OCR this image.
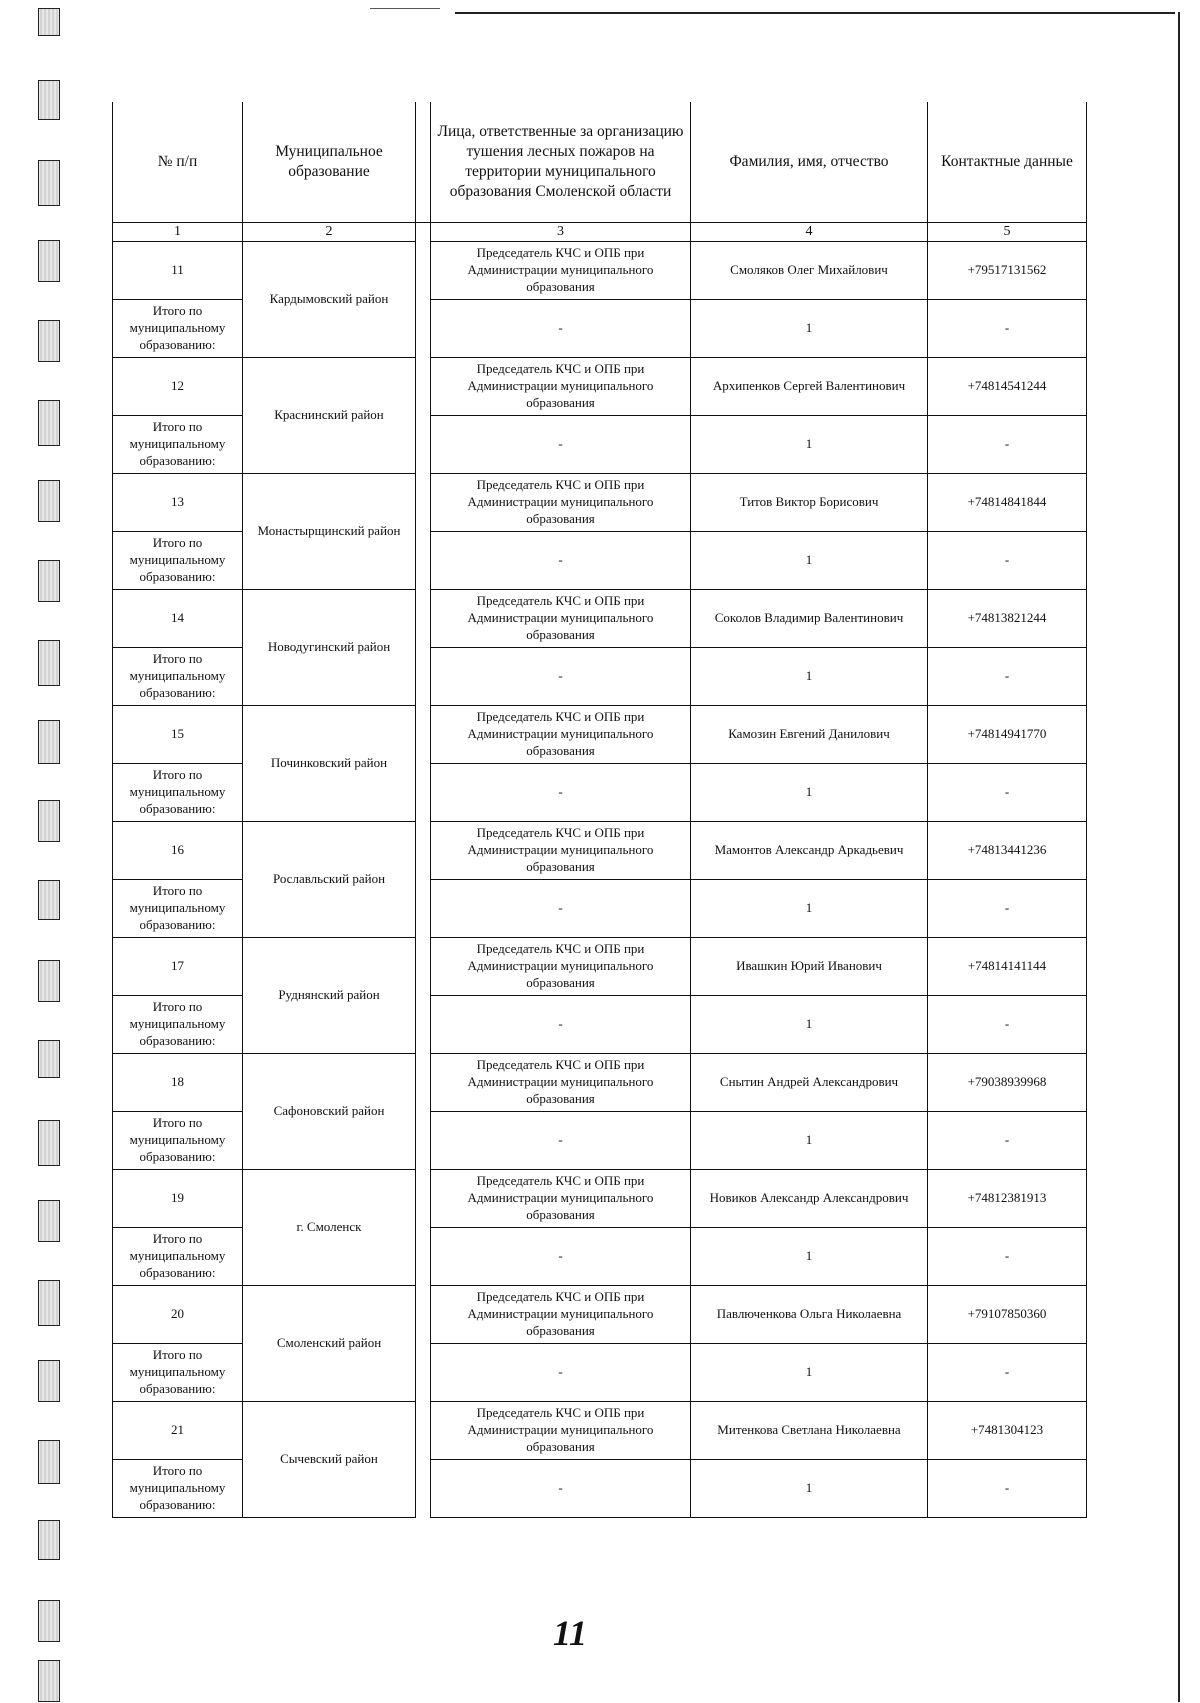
№ п/п	Муниципальное образование		Лица, ответственные за организацию тушения лесных пожаров на территории муниципального образования Смоленской области	Фамилия, имя, отчество	Контактные данные
1	2		3	4	5
11	Кардымовский район		Председатель КЧС и ОПБ при Администрации муниципального образования	Смоляков Олег Михайлович	+79517131562
Итого по муниципальному образованию:			-	1	-
12	Краснинский район		Председатель КЧС и ОПБ при Администрации муниципального образования	Архипенков Сергей Валентинович	+74814541244
Итого по муниципальному образованию:			-	1	-
13	Монастырщинский район		Председатель КЧС и ОПБ при Администрации муниципального образования	Титов Виктор Борисович	+74814841844
Итого по муниципальному образованию:			-	1	-
14	Новодугинский район		Председатель КЧС и ОПБ при Администрации муниципального образования	Соколов Владимир Валентинович	+74813821244
Итого по муниципальному образованию:			-	1	-
15	Починковский район		Председатель КЧС и ОПБ при Администрации муниципального образования	Камозин Евгений Данилович	+74814941770
Итого по муниципальному образованию:			-	1	-
16	Рославльский район		Председатель КЧС и ОПБ при Администрации муниципального образования	Мамонтов Александр Аркадьевич	+74813441236
Итого по муниципальному образованию:			-	1	-
17	Руднянский район		Председатель КЧС и ОПБ при Администрации муниципального образования	Ивашкин Юрий Иванович	+74814141144
Итого по муниципальному образованию:			-	1	-
18	Сафоновский район		Председатель КЧС и ОПБ при Администрации муниципального образования	Снытин Андрей Александрович	+79038939968
Итого по муниципальному образованию:			-	1	-
19	г. Смоленск		Председатель КЧС и ОПБ при Администрации муниципального образования	Новиков Александр Александрович	+74812381913
Итого по муниципальному образованию:			-	1	-
20	Смоленский район		Председатель КЧС и ОПБ при Администрации муниципального образования	Павлюченкова Ольга Николаевна	+79107850360
Итого по муниципальному образованию:			-	1	-
21	Сычевский район		Председатель КЧС и ОПБ при Администрации муниципального образования	Митенкова Светлана Николаевна	+7481304123
Итого по муниципальному образованию:			-	1	-
11
